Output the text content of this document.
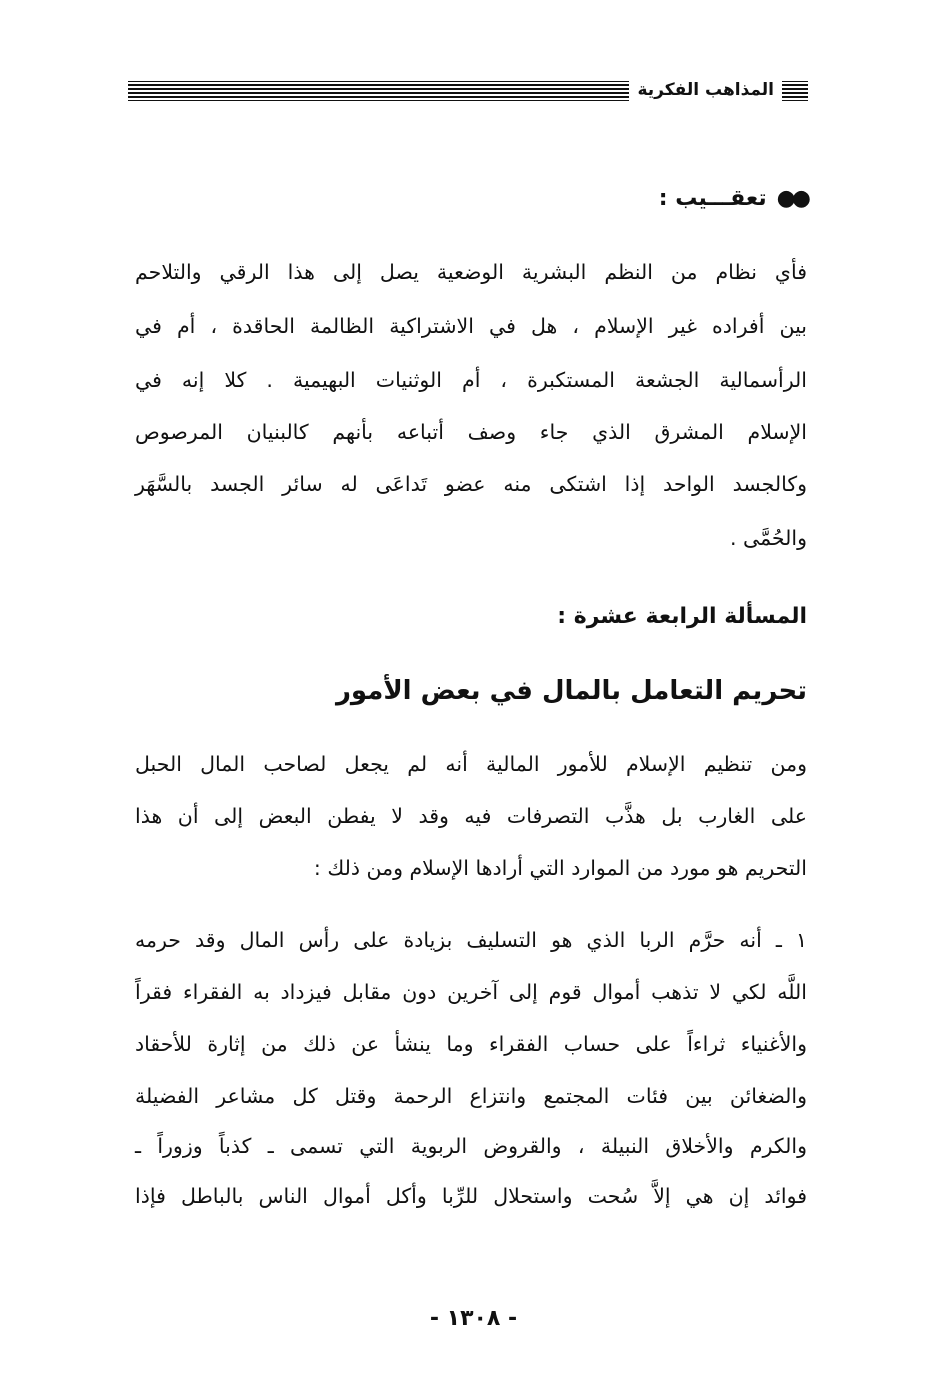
المذاهب الفكرية
●●تعقـــيب :
فأي نظام من النظم البشرية الوضعية يصل إلى هذا الرقي والتلاحم
بين أفراده غير الإسلام ، هل في الاشتراكية الظالمة الحاقدة ، أم في
الرأسمالية الجشعة المستكبرة ، أم الوثنيات البهيمية . كلا إنه في
الإسلام المشرق الذي جاء وصف أتباعه بأنهم كالبنيان المرصوص
وكالجسد الواحد إذا اشتكى منه عضو تَداعَى له سائر الجسد بالسَّهَر
والحُمَّى .
المسألة الرابعة عشرة :
تحريم التعامل بالمال في بعض الأمور
ومن تنظيم الإسلام للأمور المالية أنه لم يجعل لصاحب المال الحبل
على الغارب بل هذَّب التصرفات فيه وقد لا يفطن البعض إلى أن هذا
التحريم هو مورد من الموارد التي أرادها الإسلام ومن ذلك :
١ ـ أنه حرَّم الربا الذي هو التسليف بزيادة على رأس المال وقد حرمه
اللَّه لكي لا تذهب أموال قوم إلى آخرين دون مقابل فيزداد به الفقراء فقراً
والأغنياء ثراءاً على حساب الفقراء وما ينشأ عن ذلك من إثارة للأحقاد
والضغائن بين فئات المجتمع وانتزاع الرحمة وقتل كل مشاعر الفضيلة
والكرم والأخلاق النبيلة ، والقروض الربوية التي تسمى ـ كذباً وزوراً ـ
فوائد إن هي إلاَّ سُحت واستحلال للرِّبا وأكل أموال الناس بالباطل فإذا
- ١٣٠٨ -
